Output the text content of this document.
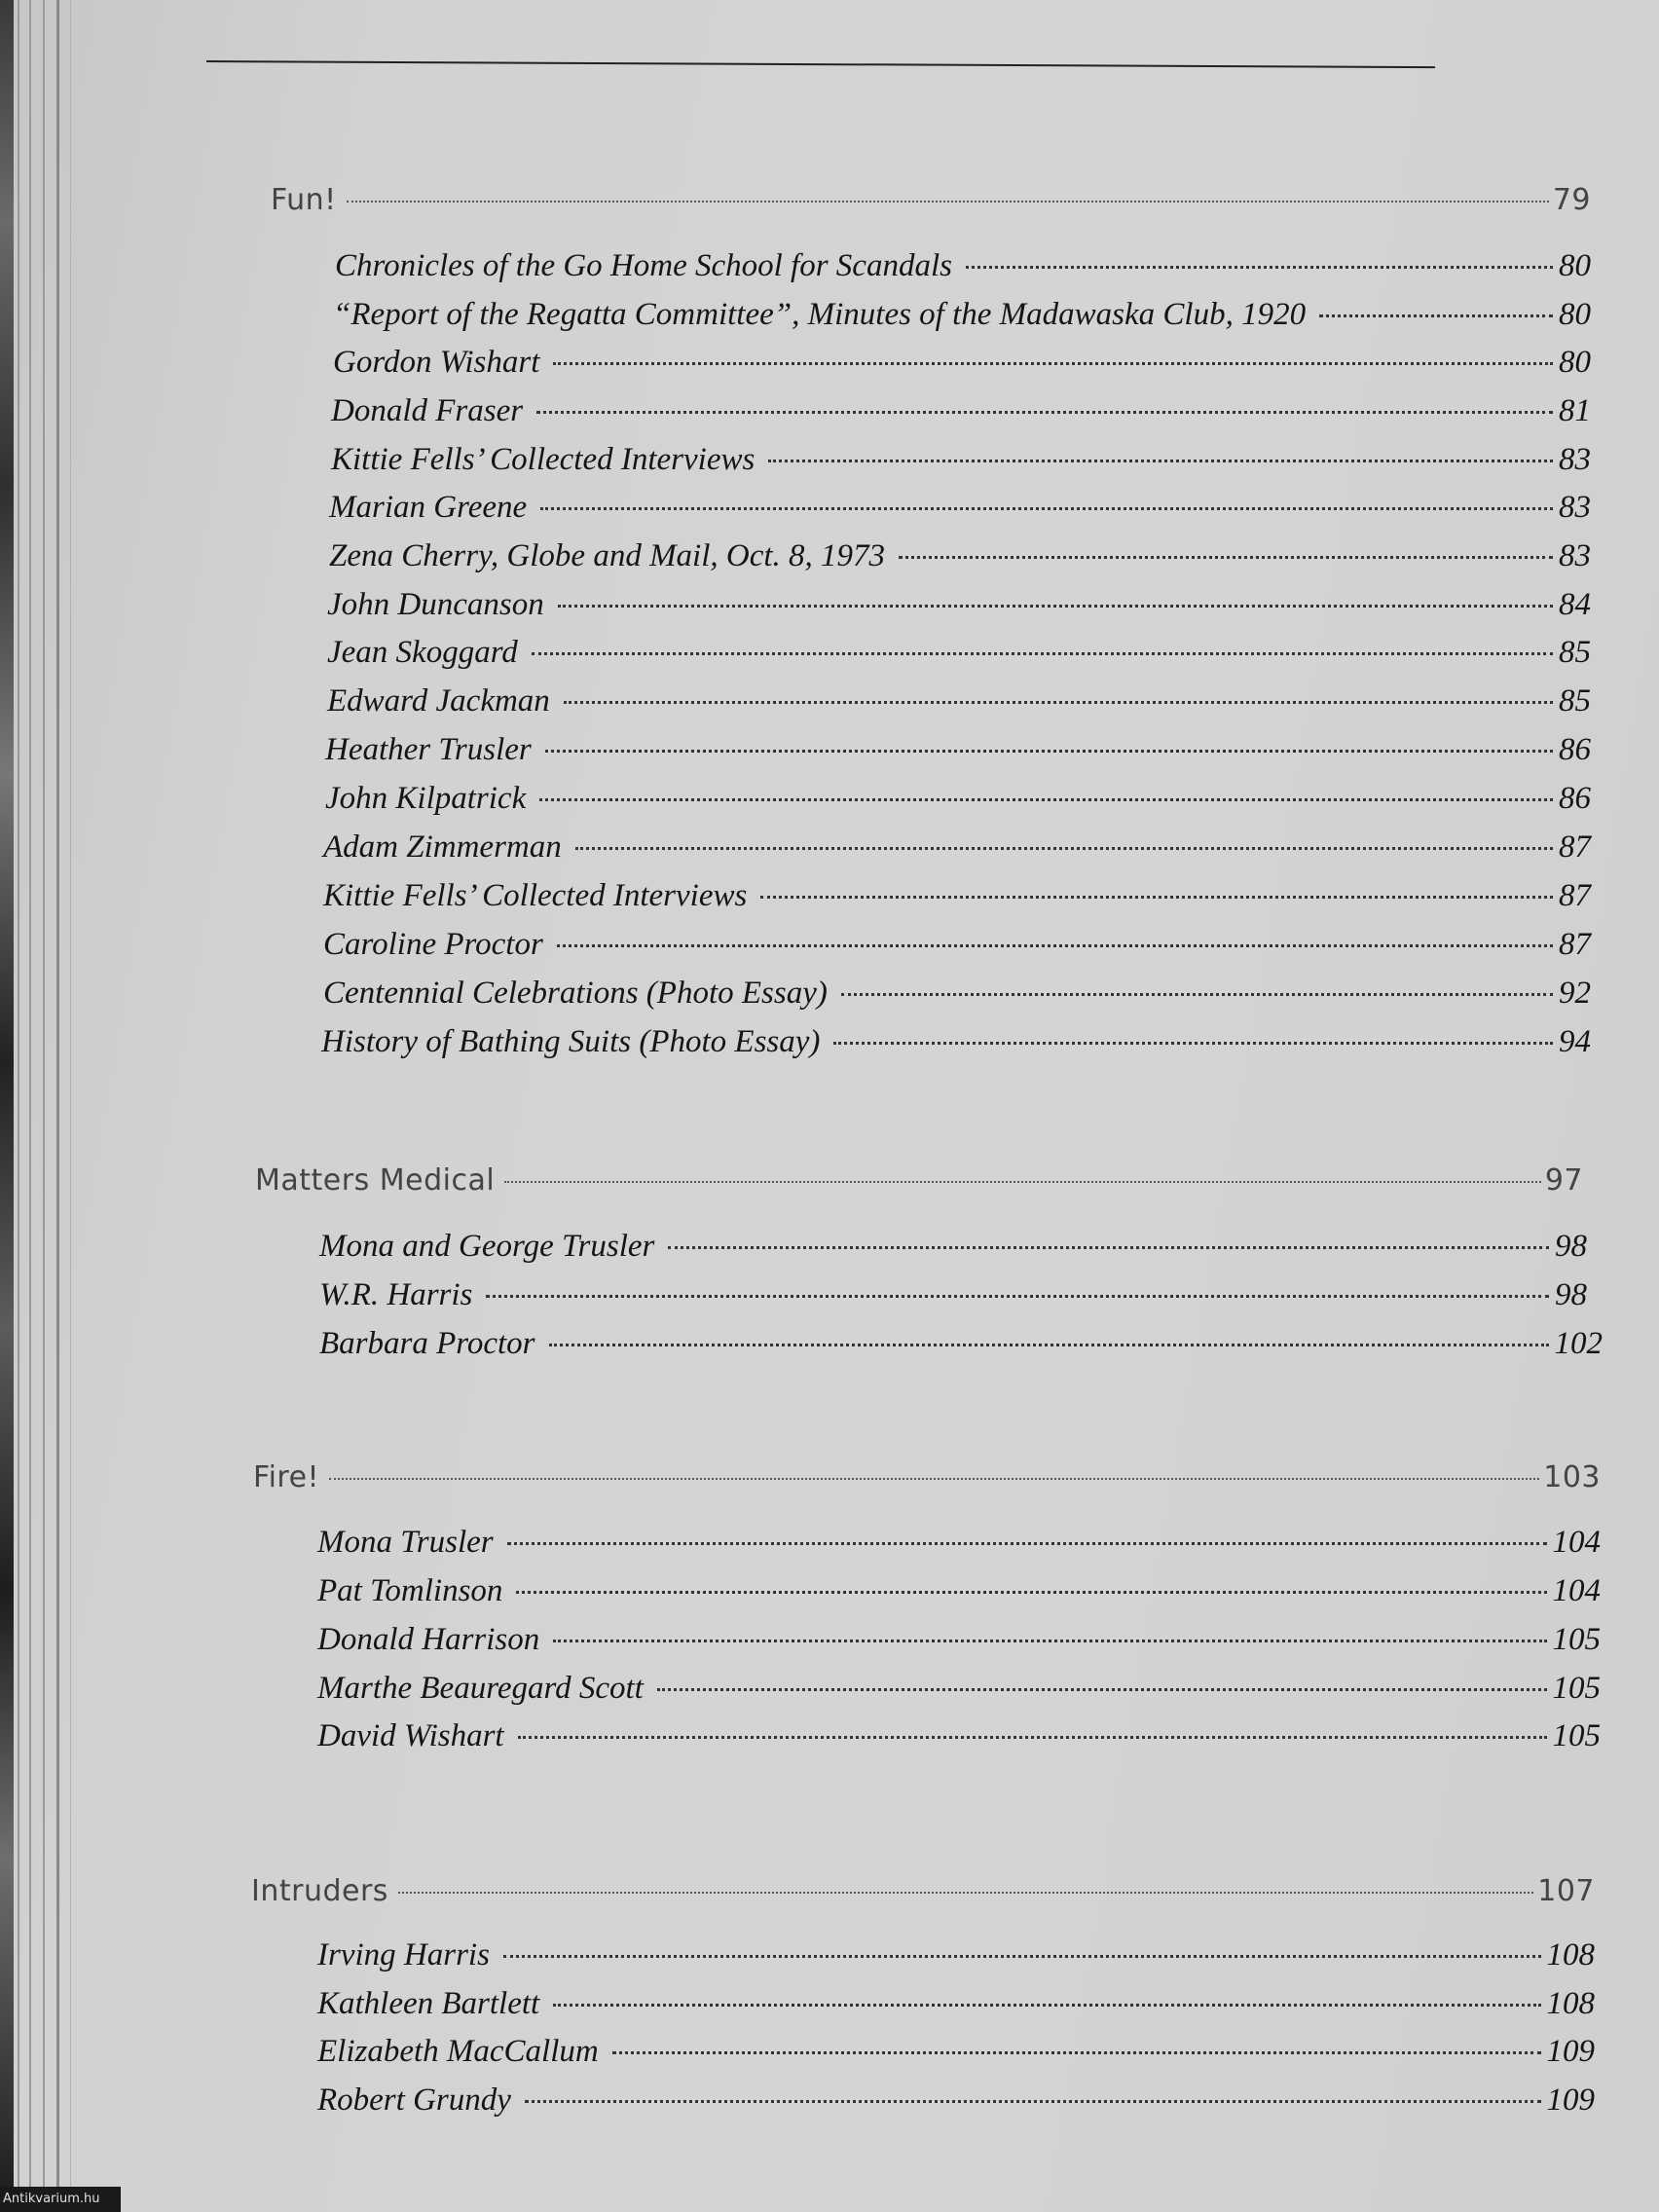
Fun!	79
Chronicles of the Go Home School for Scandals	80
“Report of the Regatta Committee”, Minutes of the Madawaska Club, 1920	80
Gordon Wishart	80
Donald Fraser	81
Kittie Fells’ Collected Interviews	83
Marian Greene	83
Zena Cherry, Globe and Mail, Oct. 8, 1973	83
John Duncanson	84
Jean Skoggard	85
Edward Jackman	85
Heather Trusler	86
John Kilpatrick	86
Adam Zimmerman	87
Kittie Fells’ Collected Interviews	87
Caroline Proctor	87
Centennial Celebrations (Photo Essay)	92
History of Bathing Suits (Photo Essay)	94
Matters Medical	97
Mona and George Trusler	98
W.R. Harris	98
Barbara Proctor	102
Fire!	103
Mona Trusler	104
Pat Tomlinson	104
Donald Harrison	105
Marthe Beauregard Scott	105
David Wishart	105
Intruders	107
Irving Harris	108
Kathleen Bartlett	108
Elizabeth MacCallum	109
Robert Grundy	109
Antikvarium.hu
